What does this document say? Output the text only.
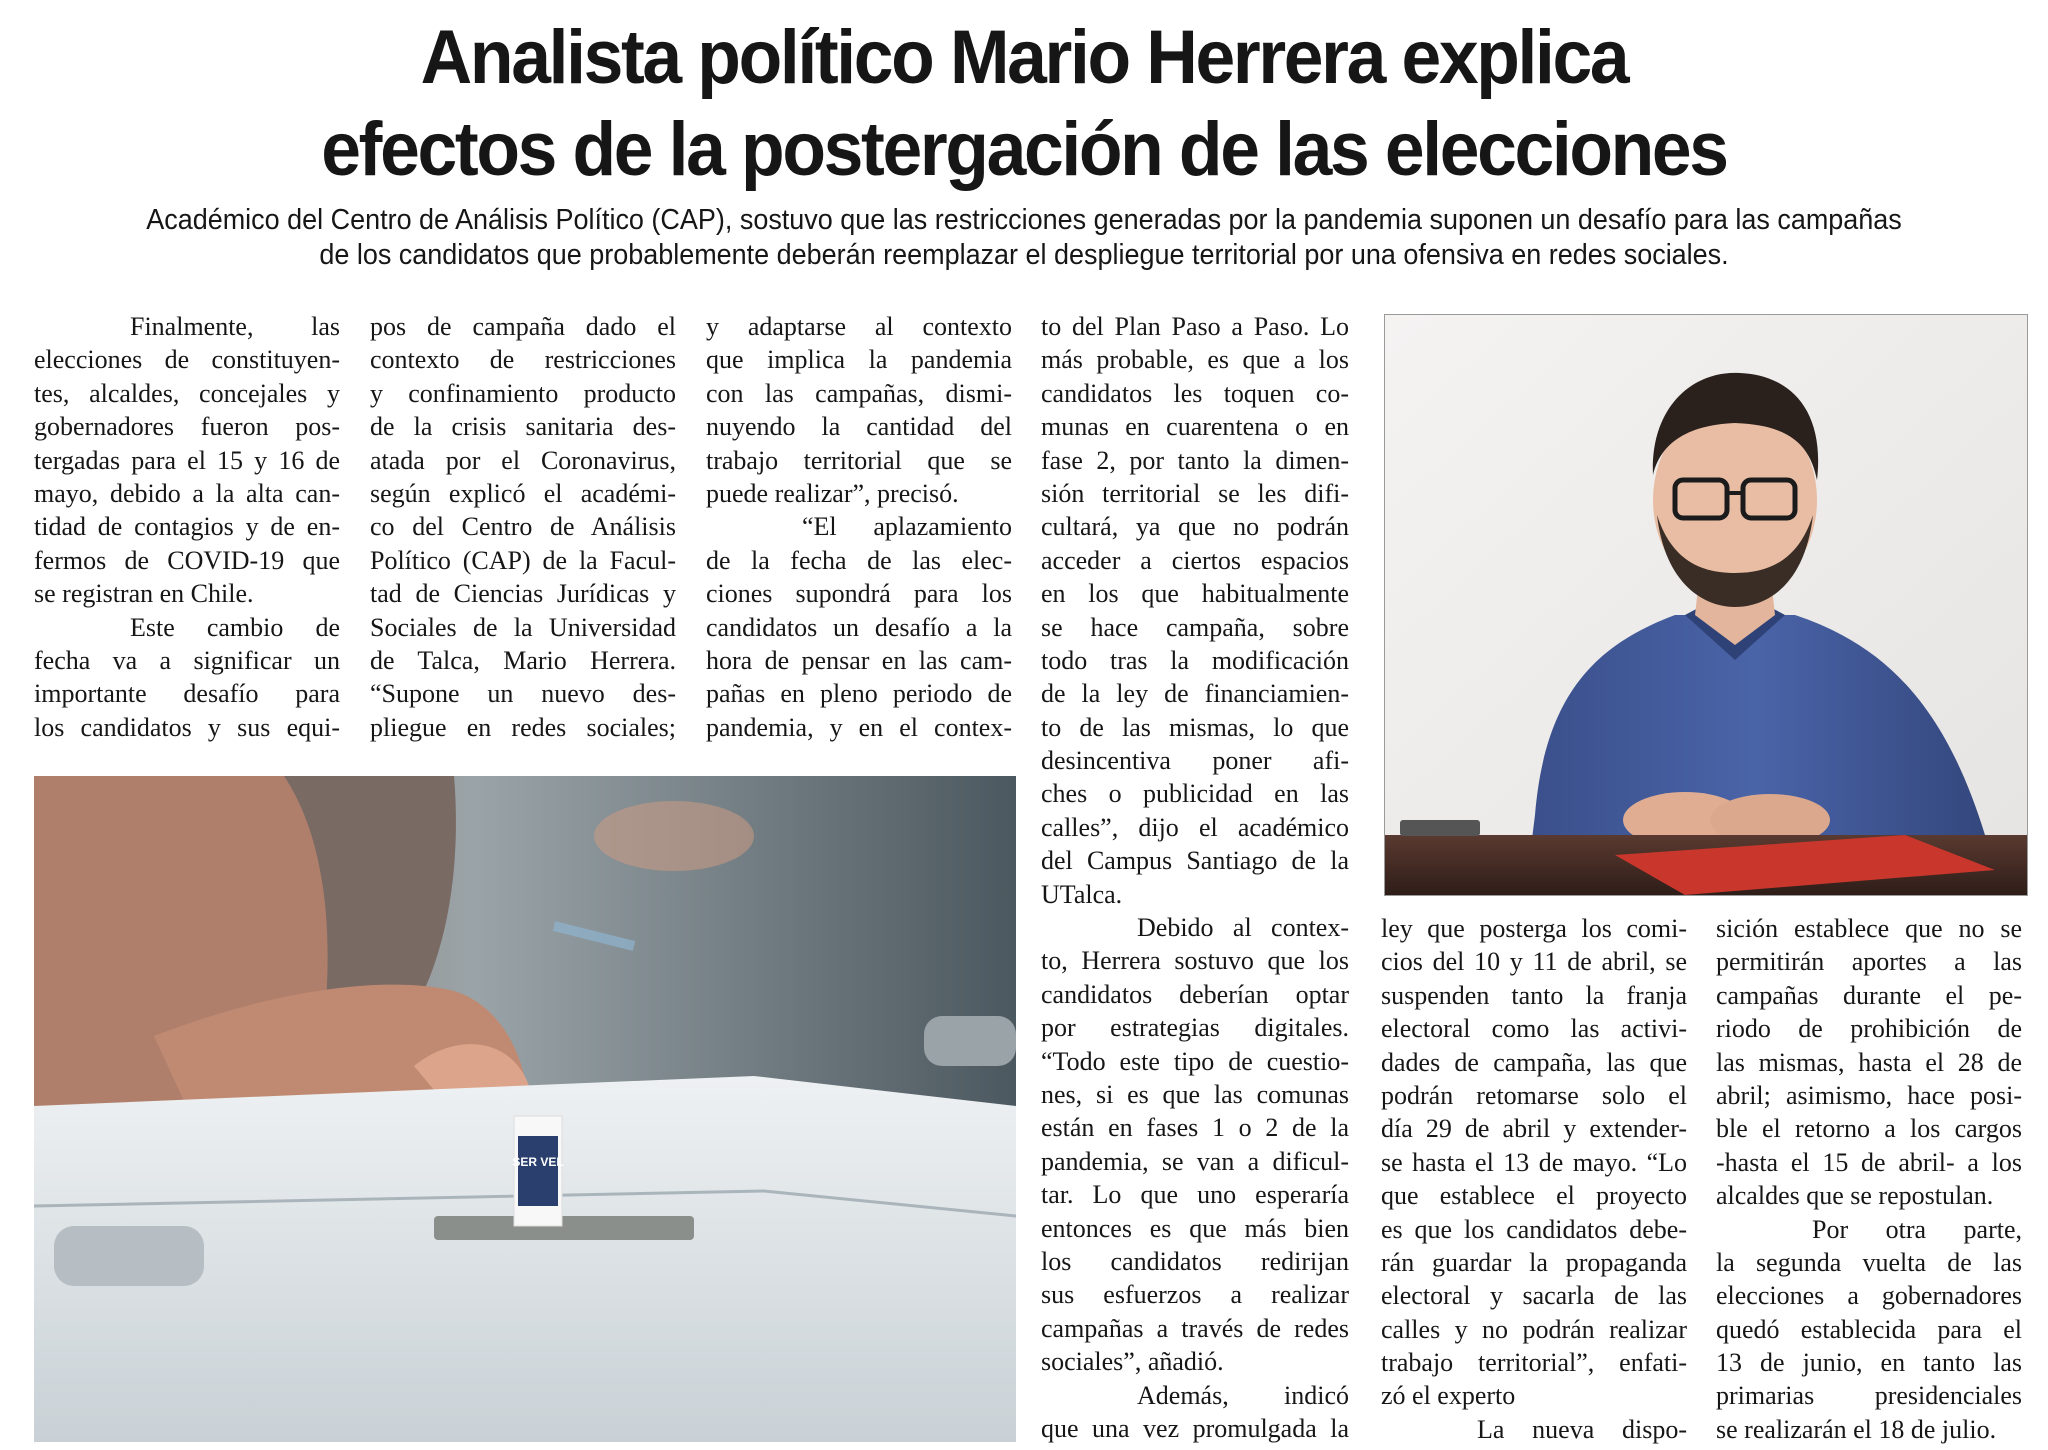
Analista político Mario Herrera explica
efectos de la postergación de las elecciones
Académico del Centro de Análisis Político (CAP), sostuvo que las restricciones generadas por la pandemia suponen un desafío para las campañas
de los candidatos que probablemente deberán reemplazar el despliegue territorial por una ofensiva en redes sociales.
Finalmente, las
elecciones de constituyen-
tes, alcaldes, concejales y
gobernadores fueron pos-
tergadas para el 15 y 16 de
mayo, debido a la alta can-
tidad de contagios y de en-
fermos de COVID-19 que
se registran en Chile.
Este cambio de
fecha va a significar un
importante desafío para
los candidatos y sus equi-
pos de campaña dado el
contexto de restricciones
y confinamiento producto
de la crisis sanitaria des-
atada por el Coronavirus,
según explicó el académi-
co del Centro de Análisis
Político (CAP) de la Facul-
tad de Ciencias Jurídicas y
Sociales de la Universidad
de Talca, Mario Herrera.
“Supone un nuevo des-
pliegue en redes sociales;
y adaptarse al contexto
que implica la pandemia
con las campañas, dismi-
nuyendo la cantidad del
trabajo territorial que se
puede realizar”, precisó.
“El aplazamiento
de la fecha de las elec-
ciones supondrá para los
candidatos un desafío a la
hora de pensar en las cam-
pañas en pleno periodo de
pandemia, y en el contex-
to del Plan Paso a Paso. Lo
más probable, es que a los
candidatos les toquen co-
munas en cuarentena o en
fase 2, por tanto la dimen-
sión territorial se les difi-
cultará, ya que no podrán
acceder a ciertos espacios
en los que habitualmente
se hace campaña, sobre
todo tras la modificación
de la ley de financiamien-
to de las mismas, lo que
desincentiva poner afi-
ches o publicidad en las
calles”, dijo el académico
del Campus Santiago de la
UTalca.
Debido al contex-
to, Herrera sostuvo que los
candidatos deberían optar
por estrategias digitales.
“Todo este tipo de cuestio-
nes, si es que las comunas
están en fases 1 o 2 de la
pandemia, se van a dificul-
tar. Lo que uno esperaría
entonces es que más bien
los candidatos redirijan
sus esfuerzos a realizar
campañas a través de redes
sociales”, añadió.
Además, indicó
que una vez promulgada la
ley que posterga los comi-
cios del 10 y 11 de abril, se
suspenden tanto la franja
electoral como las activi-
dades de campaña, las que
podrán retomarse solo el
día 29 de abril y extender-
se hasta el 13 de mayo. “Lo
que establece el proyecto
es que los candidatos debe-
rán guardar la propaganda
electoral y sacarla de las
calles y no podrán realizar
trabajo territorial”, enfati-
zó el experto
La nueva dispo-
sición establece que no se
permitirán aportes a las
campañas durante el pe-
riodo de prohibición de
las mismas, hasta el 28 de
abril; asimismo, hace posi-
ble el retorno a los cargos
-hasta el 15 de abril- a los
alcaldes que se repostulan.
Por otra parte,
la segunda vuelta de las
elecciones a gobernadores
quedó establecida para el
13 de junio, en tanto las
primarias presidenciales
se realizarán el 18 de julio.
SER VEL
